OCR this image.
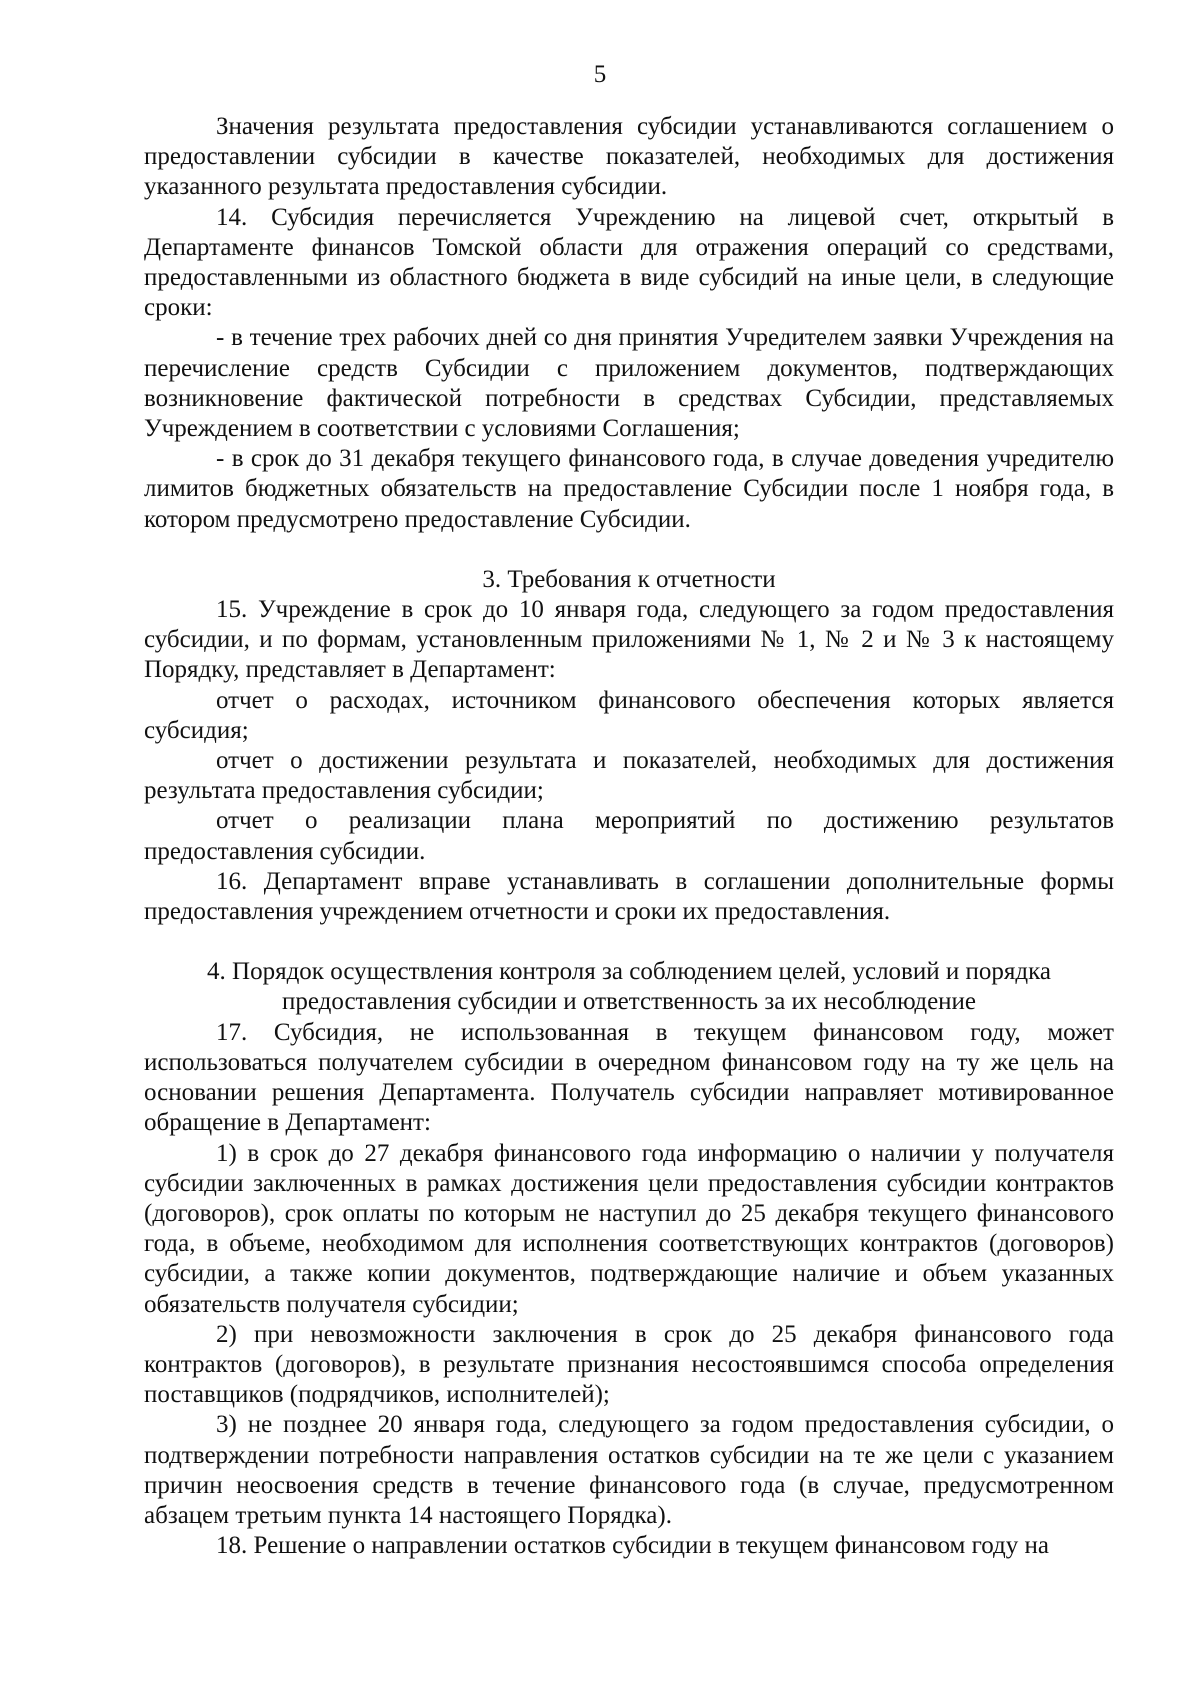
5

Значения результата предоставления субсидии устанавливаются соглашением о предоставлении субсидии в качестве показателей, необходимых для достижения указанного результата предоставления субсидии.

14. Субсидия перечисляется Учреждению на лицевой счет, открытый в Департаменте финансов Томской области для отражения операций со средствами, предоставленными из областного бюджета в виде субсидий на иные цели, в следующие сроки:

- в течение трех рабочих дней со дня принятия Учредителем заявки Учреждения на перечисление средств Субсидии с приложением документов, подтверждающих возникновение фактической потребности в средствах Субсидии, представляемых Учреждением в соответствии с условиями Соглашения;

- в срок до 31 декабря текущего финансового года, в случае доведения учредителю лимитов бюджетных обязательств на предоставление Субсидии после 1 ноября года, в котором предусмотрено предоставление Субсидии.

3. Требования к отчетности

15. Учреждение в срок до 10 января года, следующего за годом предоставления субсидии, и по формам, установленным приложениями № 1, № 2 и № 3 к настоящему Порядку, представляет в Департамент:

отчет о расходах, источником финансового обеспечения которых является субсидия;

отчет о достижении результата и показателей, необходимых для достижения результата предоставления субсидии;

отчет о реализации плана мероприятий по достижению результатов предоставления субсидии.

16. Департамент вправе устанавливать в соглашении дополнительные формы предоставления учреждением отчетности и сроки их предоставления.

4. Порядок осуществления контроля за соблюдением целей, условий и порядка
предоставления субсидии и ответственность за их несоблюдение

17. Субсидия, не использованная в текущем финансовом году, может использоваться получателем субсидии в очередном финансовом году на ту же цель на основании решения Департамента. Получатель субсидии направляет мотивированное обращение в Департамент:

1) в срок до 27 декабря финансового года информацию о наличии у получателя субсидии заключенных в рамках достижения цели предоставления субсидии контрактов (договоров), срок оплаты по которым не наступил до 25 декабря текущего финансового года, в объеме, необходимом для исполнения соответствующих контрактов (договоров) субсидии, а также копии документов, подтверждающие наличие и объем указанных обязательств получателя субсидии;

2) при невозможности заключения в срок до 25 декабря финансового года контрактов (договоров), в результате признания несостоявшимся способа определения поставщиков (подрядчиков, исполнителей);

3) не позднее 20 января года, следующего за годом предоставления субсидии, о подтверждении потребности направления остатков субсидии на те же цели с указанием причин неосвоения средств в течение финансового года (в случае, предусмотренном абзацем третьим пункта 14 настоящего Порядка).

18. Решение о направлении остатков субсидии в текущем финансовом году на
